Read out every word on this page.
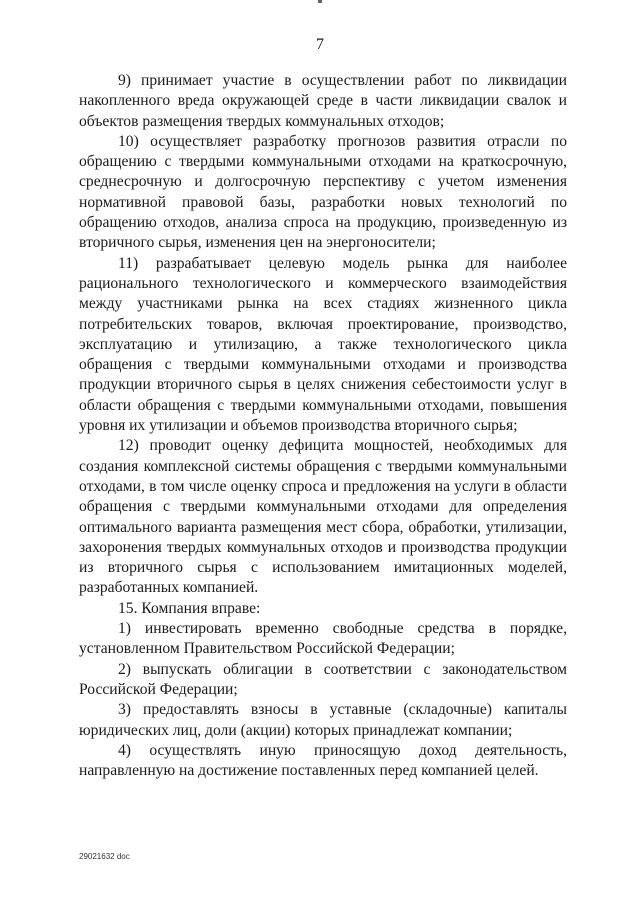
7

9) принимает участие в осуществлении работ по ликвидации накопленного вреда окружающей среде в части ликвидации свалок и объектов размещения твердых коммунальных отходов;

10) осуществляет разработку прогнозов развития отрасли по обращению с твердыми коммунальными отходами на краткосрочную, среднесрочную и долгосрочную перспективу с учетом изменения нормативной правовой базы, разработки новых технологий по обращению отходов, анализа спроса на продукцию, произведенную из вторичного сырья, изменения цен на энергоносители;

11) разрабатывает целевую модель рынка для наиболее рационального технологического и коммерческого взаимодействия между участниками рынка на всех стадиях жизненного цикла потребительских товаров, включая проектирование, производство, эксплуатацию и утилизацию, а также технологического цикла обращения с твердыми коммунальными отходами и производства продукции вторичного сырья в целях снижения себестоимости услуг в области обращения с твердыми коммунальными отходами, повышения уровня их утилизации и объемов производства вторичного сырья;

12) проводит оценку дефицита мощностей, необходимых для создания комплексной системы обращения с твердыми коммунальными отходами, в том числе оценку спроса и предложения на услуги в области обращения с твердыми коммунальными отходами для определения оптимального варианта размещения мест сбора, обработки, утилизации, захоронения твердых коммунальных отходов и производства продукции из вторичного сырья с использованием имитационных моделей, разработанных компанией.

15. Компания вправе:

1) инвестировать временно свободные средства в порядке, установленном Правительством Российской Федерации;

2) выпускать облигации в соответствии с законодательством Российской Федерации;

3) предоставлять взносы в уставные (складочные) капиталы юридических лиц, доли (акции) которых принадлежат компании;

4) осуществлять иную приносящую доход деятельность, направленную на достижение поставленных перед компанией целей.

29021632 doc
